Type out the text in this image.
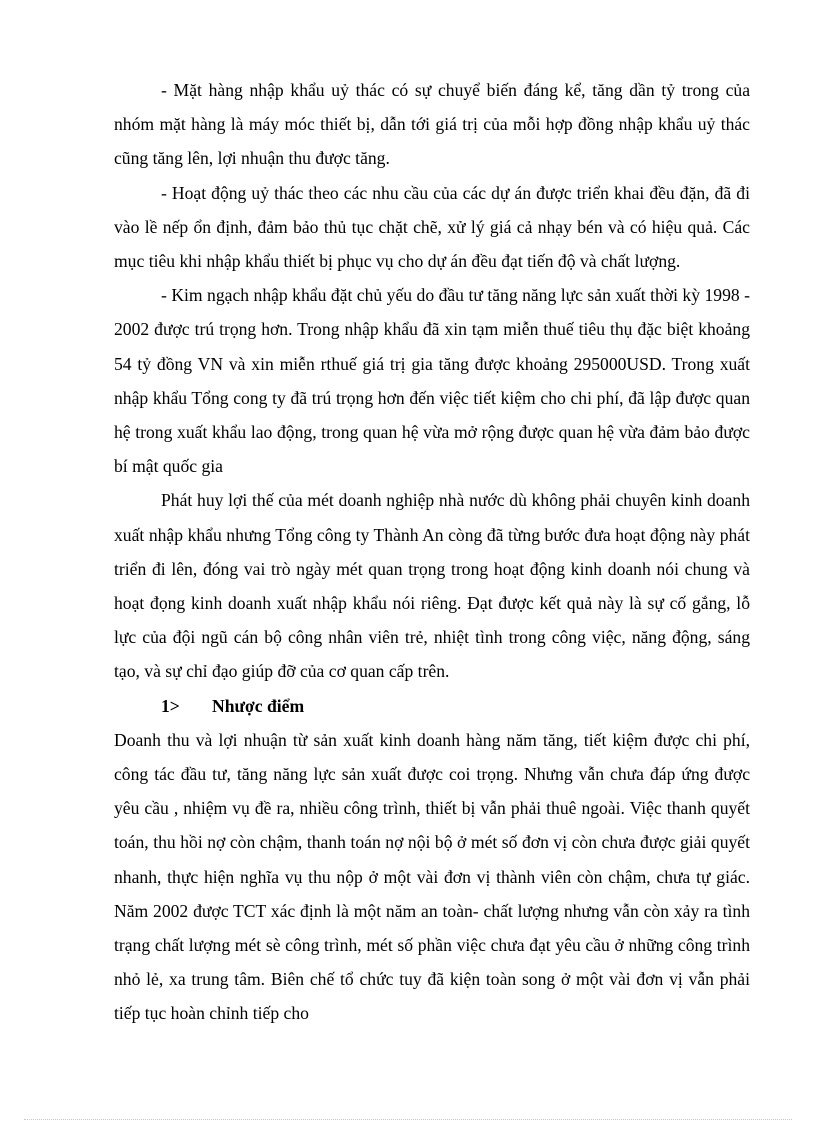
- Mặt hàng nhập khẩu uỷ thác có sự chuyể biến đáng kể, tăng dần tỷ trong của nhóm mặt hàng là máy móc thiết bị, dẫn tới giá trị của mỗi hợp đồng nhập khẩu uỷ thác cũng tăng lên, lợi nhuận thu được tăng.

- Hoạt động uỷ thác theo các nhu cầu của các dự án được triển khai đều đặn, đã đi vào lề nếp ổn định, đảm bảo thủ tục chặt chẽ, xử lý giá cả nhạy bén và có hiệu quả. Các mục tiêu khi nhập khẩu thiết bị phục vụ cho dự án đều đạt tiến độ và chất lượng.

- Kim ngạch nhập khẩu đặt chủ yếu do đầu tư tăng năng lực sản xuất thời kỳ 1998 - 2002 được trú trọng hơn. Trong nhập khẩu đã xin tạm miễn thuế tiêu thụ đặc biệt khoảng 54 tỷ đồng VN và xin miễn rthuế giá trị gia tăng được khoảng 295000USD. Trong xuất nhập khẩu Tổng cong ty đã trú trọng hơn đến việc tiết kiệm cho chi phí, đã lập được quan hệ trong xuất khẩu lao động, trong quan hệ vừa mở rộng được quan hệ vừa đảm bảo được bí mật quốc gia

Phát huy lợi thế của mét doanh nghiệp nhà nước dù không phải chuyên kinh doanh xuất nhập khẩu nhưng Tổng công ty Thành An còng đã từng bước đưa hoạt động này phát triển đi lên, đóng vai trò ngày mét quan trọng trong hoạt động kinh doanh nói chung và hoạt đọng kinh doanh xuất nhập khẩu nói riêng. Đạt được kết quả này là sự cố gắng, lỗ lực của đội ngũ cán bộ công nhân viên trẻ, nhiệt tình trong công việc, năng động, sáng tạo, và sự chỉ đạo giúp đỡ của cơ quan cấp trên.

1> Nhược điểm

Doanh thu và lợi nhuận từ sản xuất kinh doanh hàng năm tăng, tiết kiệm được chi phí, công tác đầu tư, tăng năng lực sản xuất được coi trọng. Nhưng vẫn chưa đáp ứng được yêu cầu , nhiệm vụ đề ra, nhiều công trình, thiết bị vẫn phải thuê ngoài. Việc thanh quyết toán, thu hồi nợ còn chậm, thanh toán nợ nội bộ ở mét số đơn vị còn chưa được giải quyết nhanh, thực hiện nghĩa vụ thu nộp ở một vài đơn vị thành viên còn chậm, chưa tự giác. Năm 2002 được TCT xác định là một năm an toàn- chất lượng nhưng vẫn còn xảy ra tình trạng chất lượng mét sè công trình, mét số phần việc chưa đạt yêu cầu ở những công trình nhỏ lẻ, xa trung tâm. Biên chế tổ chức tuy đã kiện toàn song ở một vài đơn vị vẫn phải tiếp tục hoàn chỉnh tiếp cho
